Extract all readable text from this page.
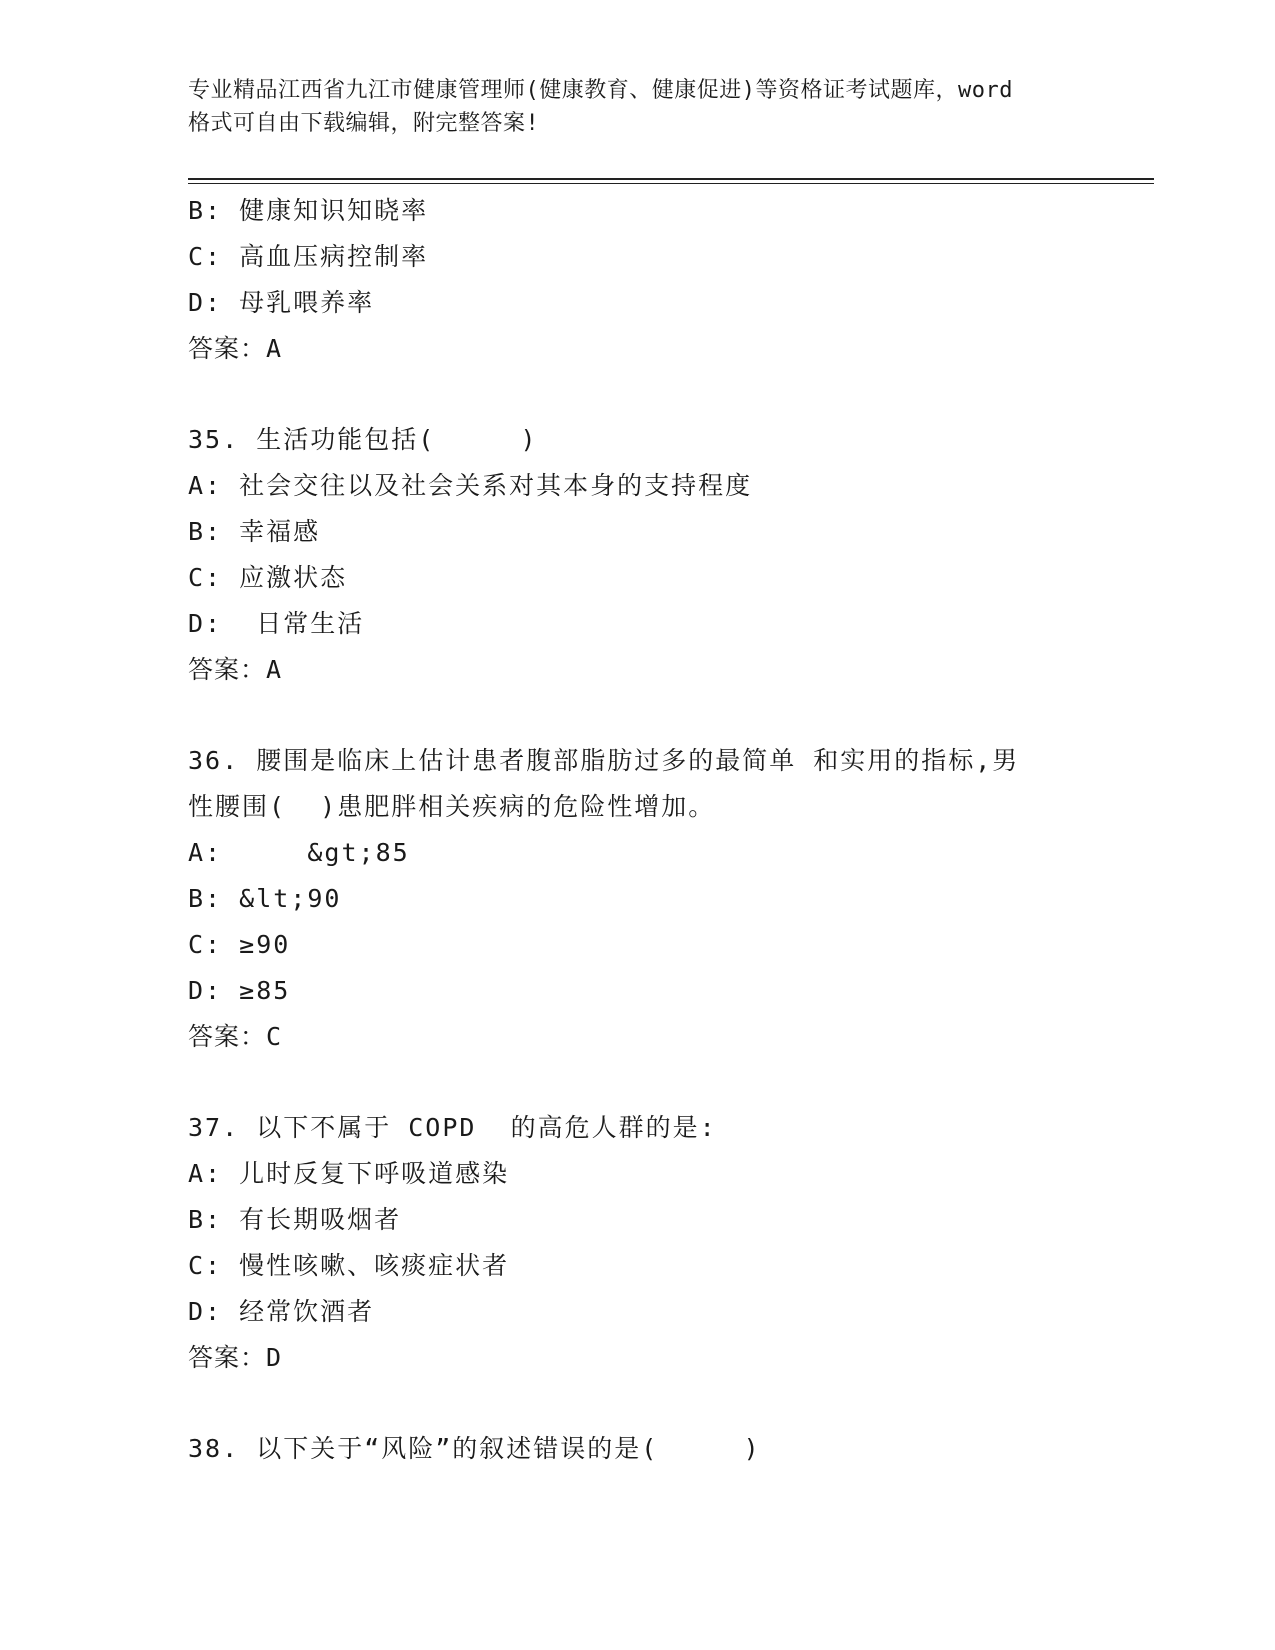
专业精品江西省九江市健康管理师(健康教育、健康促进)等资格证考试题库，word
格式可自由下载编辑，附完整答案!
B: 健康知识知晓率
C: 高血压病控制率
D: 母乳喂养率
答案：A
35. 生活功能包括(     )
A: 社会交往以及社会关系对其本身的支持程度
B: 幸福感
C: 应激状态
D:  日常生活
答案：A
36. 腰围是临床上估计患者腹部脂肪过多的最简单 和实用的指标,男
性腰围(  )患肥胖相关疾病的危险性增加。
A:     &gt;85
B: &lt;90
C: ≥90
D: ≥85
答案：C
37. 以下不属于 COPD  的高危人群的是:
A: 儿时反复下呼吸道感染
B: 有长期吸烟者
C: 慢性咳嗽、咳痰症状者
D: 经常饮酒者
答案：D
38. 以下关于“风险”的叙述错误的是(     )
